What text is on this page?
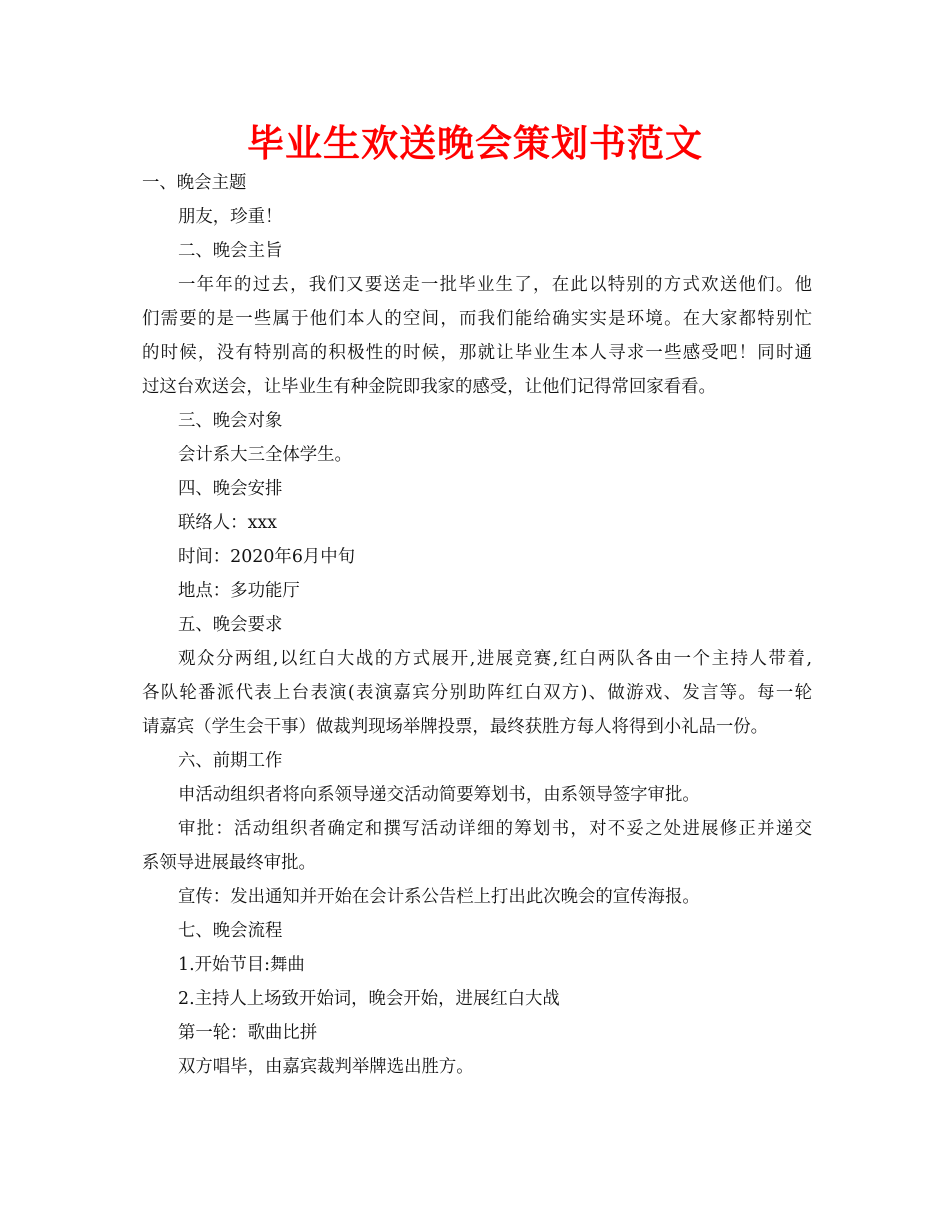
毕业生欢送晚会策划书范文

一、晚会主题

朋友，珍重！

二、晚会主旨

一年年的过去，我们又要送走一批毕业生了，在此以特别的方式欢送他们。他

们需要的是一些属于他们本人的空间，而我们能给确实实是环境。在大家都特别忙

的时候，没有特别高的积极性的时候，那就让毕业生本人寻求一些感受吧！同时通

过这台欢送会，让毕业生有种金院即我家的感受，让他们记得常回家看看。

三、晚会对象

会计系大三全体学生。

四、晚会安排

联络人：xxx

时间：2020年6月中旬

地点：多功能厅

五、晚会要求

观众分两组,以红白大战的方式展开,进展竞赛,红白两队各由一个主持人带着,

各队轮番派代表上台表演(表演嘉宾分别助阵红白双方)、做游戏、发言等。每一轮

请嘉宾（学生会干事）做裁判现场举牌投票，最终获胜方每人将得到小礼品一份。

六、前期工作

申活动组织者将向系领导递交活动简要筹划书，由系领导签字审批。

审批：活动组织者确定和撰写活动详细的筹划书，对不妥之处进展修正并递交

系领导进展最终审批。

宣传：发出通知并开始在会计系公告栏上打出此次晚会的宣传海报。

七、晚会流程

1.开始节目:舞曲

2.主持人上场致开始词，晚会开始，进展红白大战

第一轮：歌曲比拼

双方唱毕，由嘉宾裁判举牌选出胜方。
